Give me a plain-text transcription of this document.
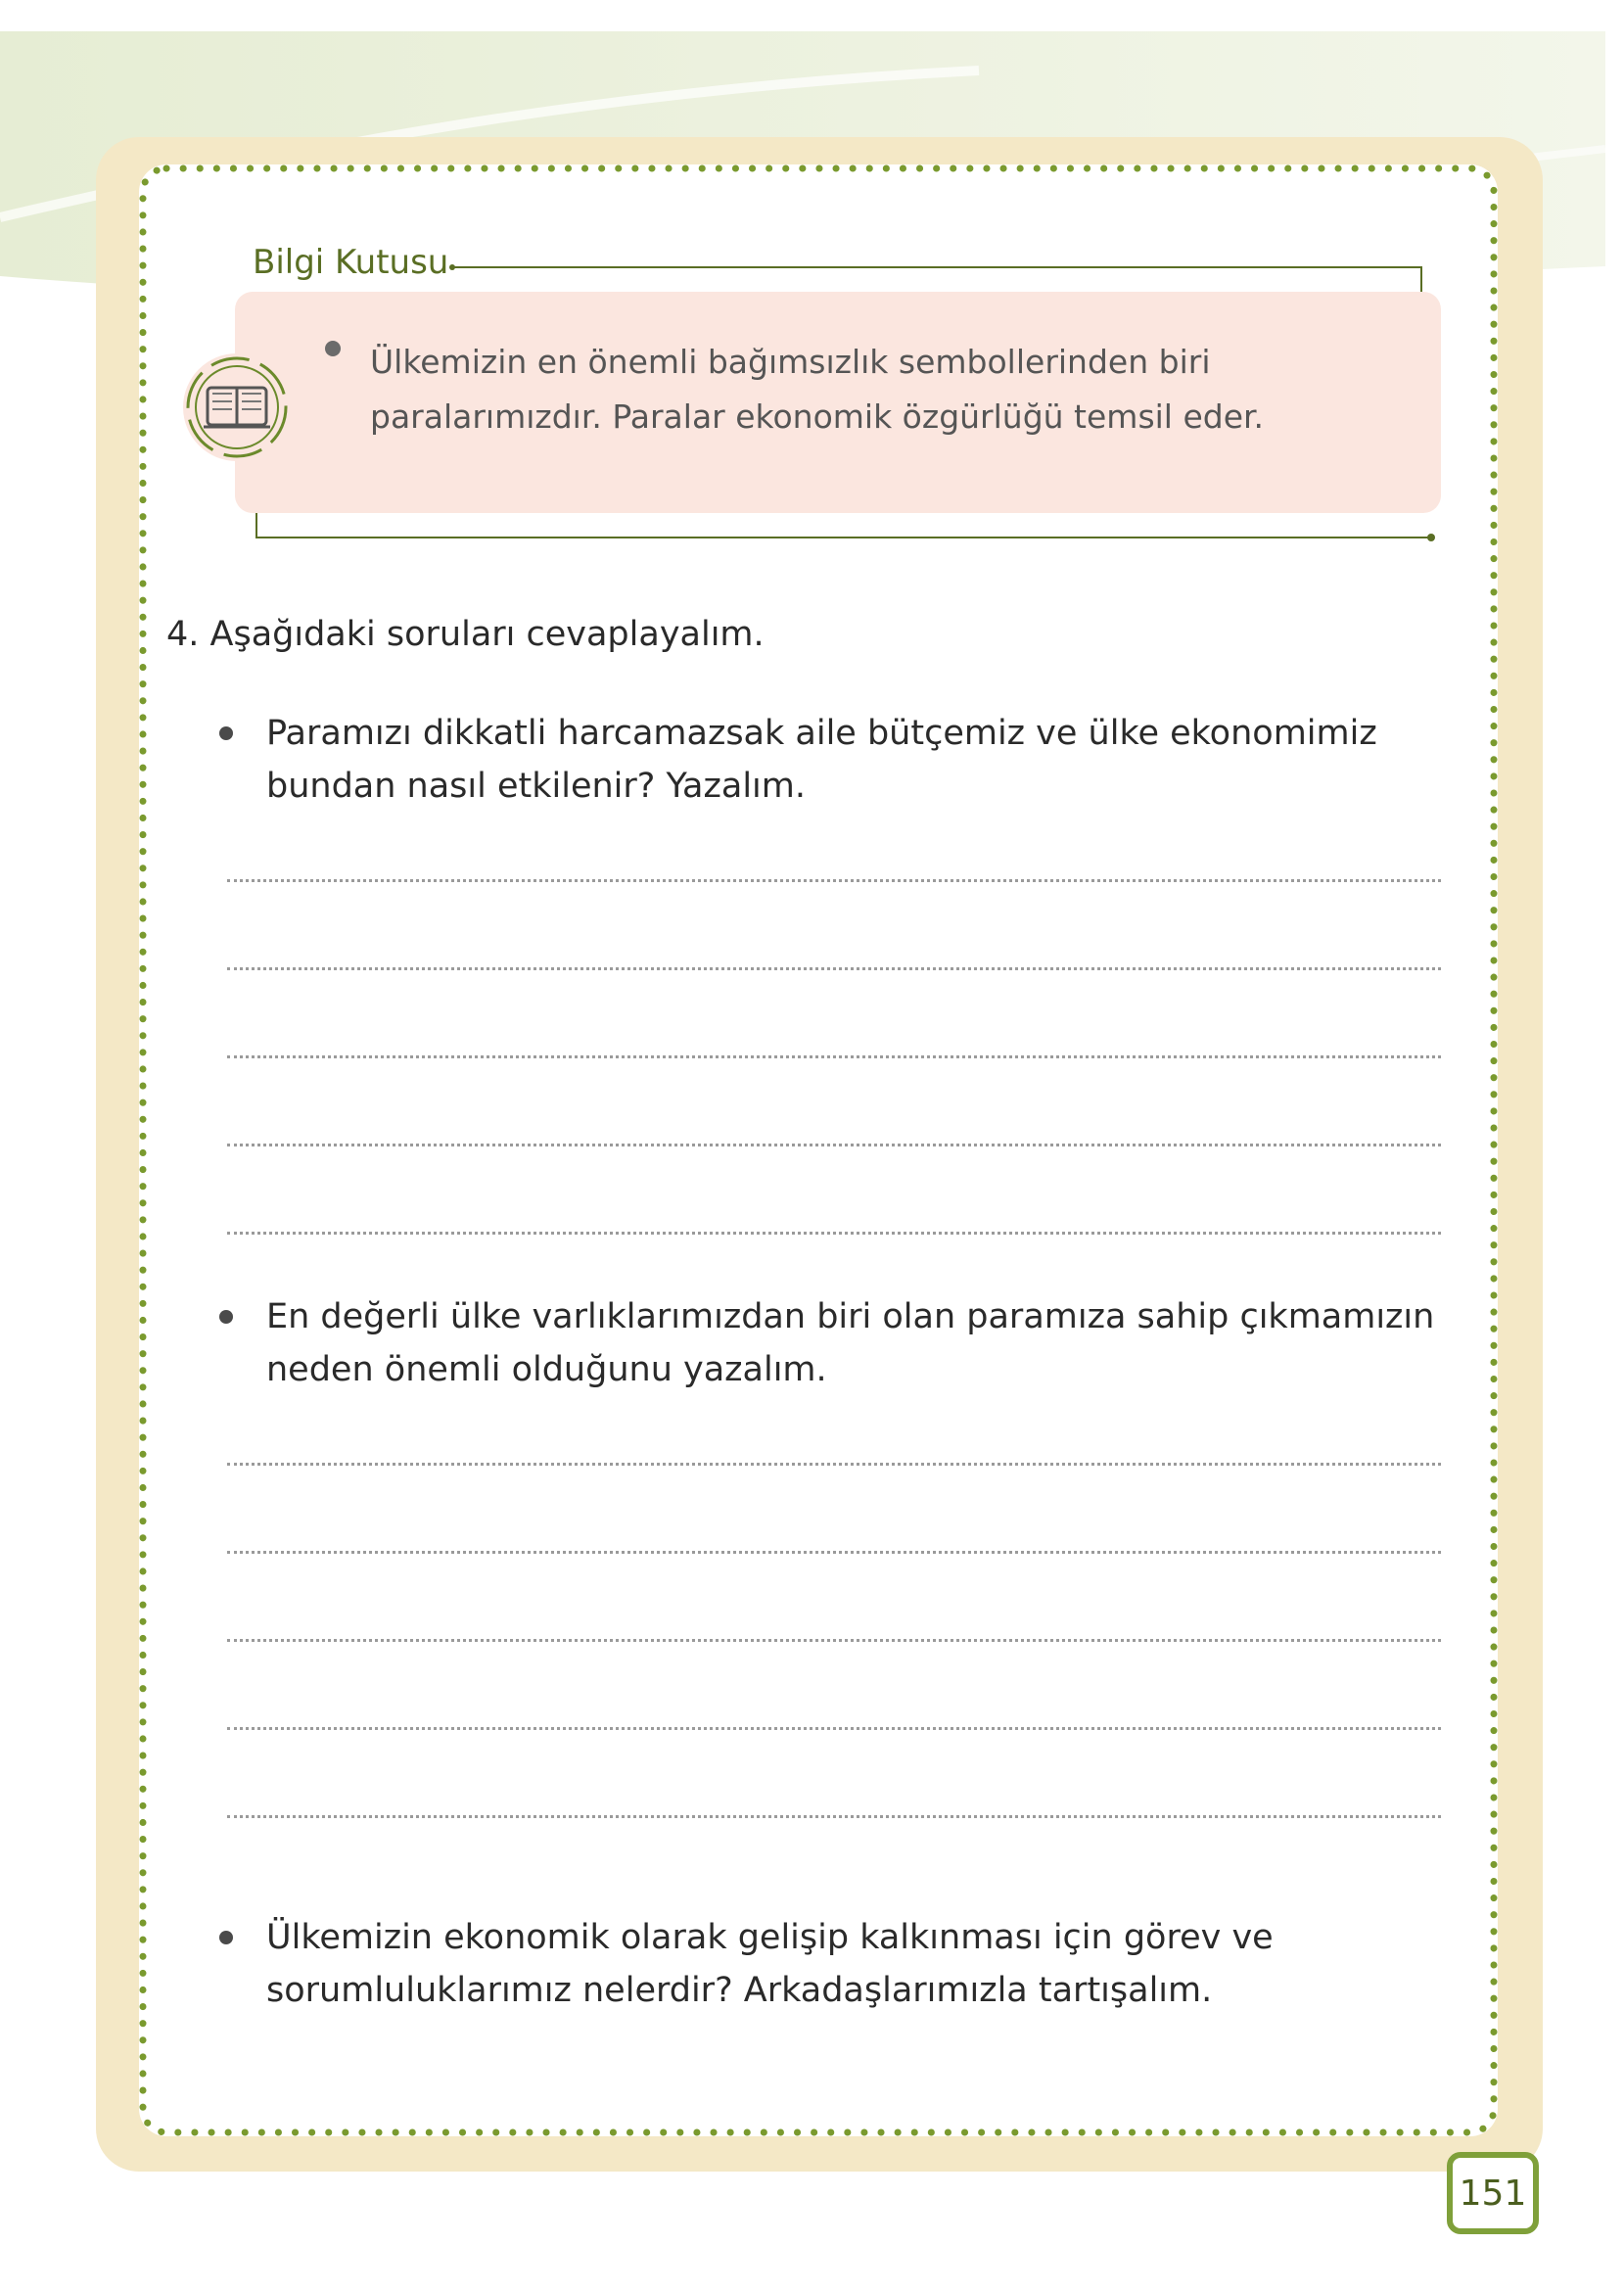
Bilgi Kutusu
Ülkemizin en önemli bağımsızlık sembollerinden biri paralarımızdır. Paralar ekonomik özgürlüğü temsil eder.
4. Aşağıdaki soruları cevaplayalım.
Paramızı dikkatli harcamazsak aile bütçemiz ve ülke ekonomimiz bundan nasıl etkilenir? Yazalım.
En değerli ülke varlıklarımızdan biri olan paramıza sahip çıkmamızın neden önemli olduğunu yazalım.
Ülkemizin ekonomik olarak gelişip kalkınması için görev ve sorumluluklarımız nelerdir? Arkadaşlarımızla tartışalım.
151
